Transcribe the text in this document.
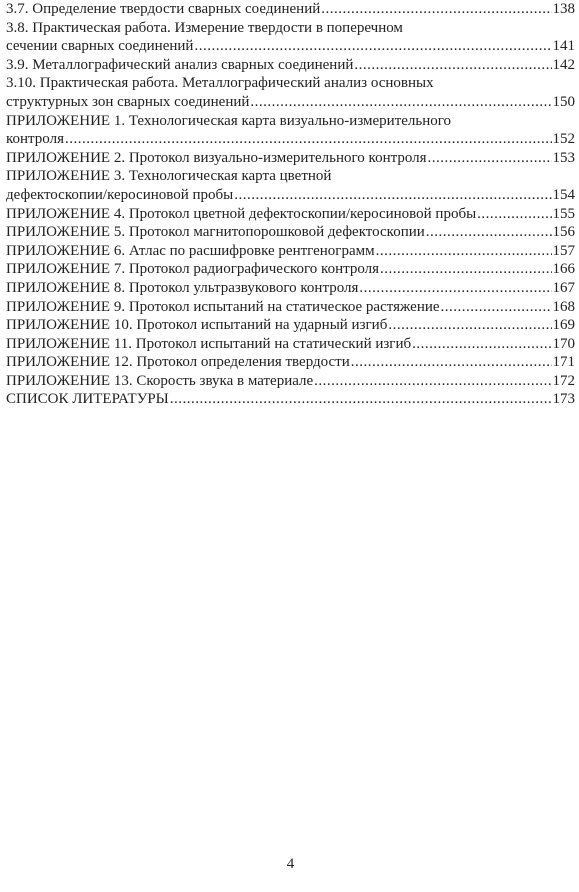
3.7. Определение твердости сварных соединений .....	138
3.8. Практическая работа. Измерение твердости в поперечном
сечении сварных соединений .....	141
3.9. Металлографический анализ сварных соединений .....	142
3.10. Практическая работа. Металлографический анализ основных
структурных зон сварных соединений .....	150
ПРИЛОЖЕНИЕ 1. Технологическая карта визуально-измерительного
контроля .....	152
ПРИЛОЖЕНИЕ 2. Протокол визуально-измерительного контроля .....	153
ПРИЛОЖЕНИЕ 3. Технологическая карта цветной
дефектоскопии/керосиновой пробы .....	154
ПРИЛОЖЕНИЕ 4. Протокол цветной дефектоскопии/керосиновой пробы .....	155
ПРИЛОЖЕНИЕ 5. Протокол магнитопорошковой дефектоскопии .....	156
ПРИЛОЖЕНИЕ 6. Атлас по расшифровке рентгенограмм .....	157
ПРИЛОЖЕНИЕ 7. Протокол радиографического контроля .....	166
ПРИЛОЖЕНИЕ 8. Протокол ультразвукового контроля .....	167
ПРИЛОЖЕНИЕ 9. Протокол испытаний на статическое растяжение .....	168
ПРИЛОЖЕНИЕ 10. Протокол испытаний на ударный изгиб .....	169
ПРИЛОЖЕНИЕ 11. Протокол испытаний на статический изгиб .....	170
ПРИЛОЖЕНИЕ 12. Протокол определения твердости .....	171
ПРИЛОЖЕНИЕ 13. Скорость звука в материале .....	172
СПИСОК ЛИТЕРАТУРЫ .....	173
4
